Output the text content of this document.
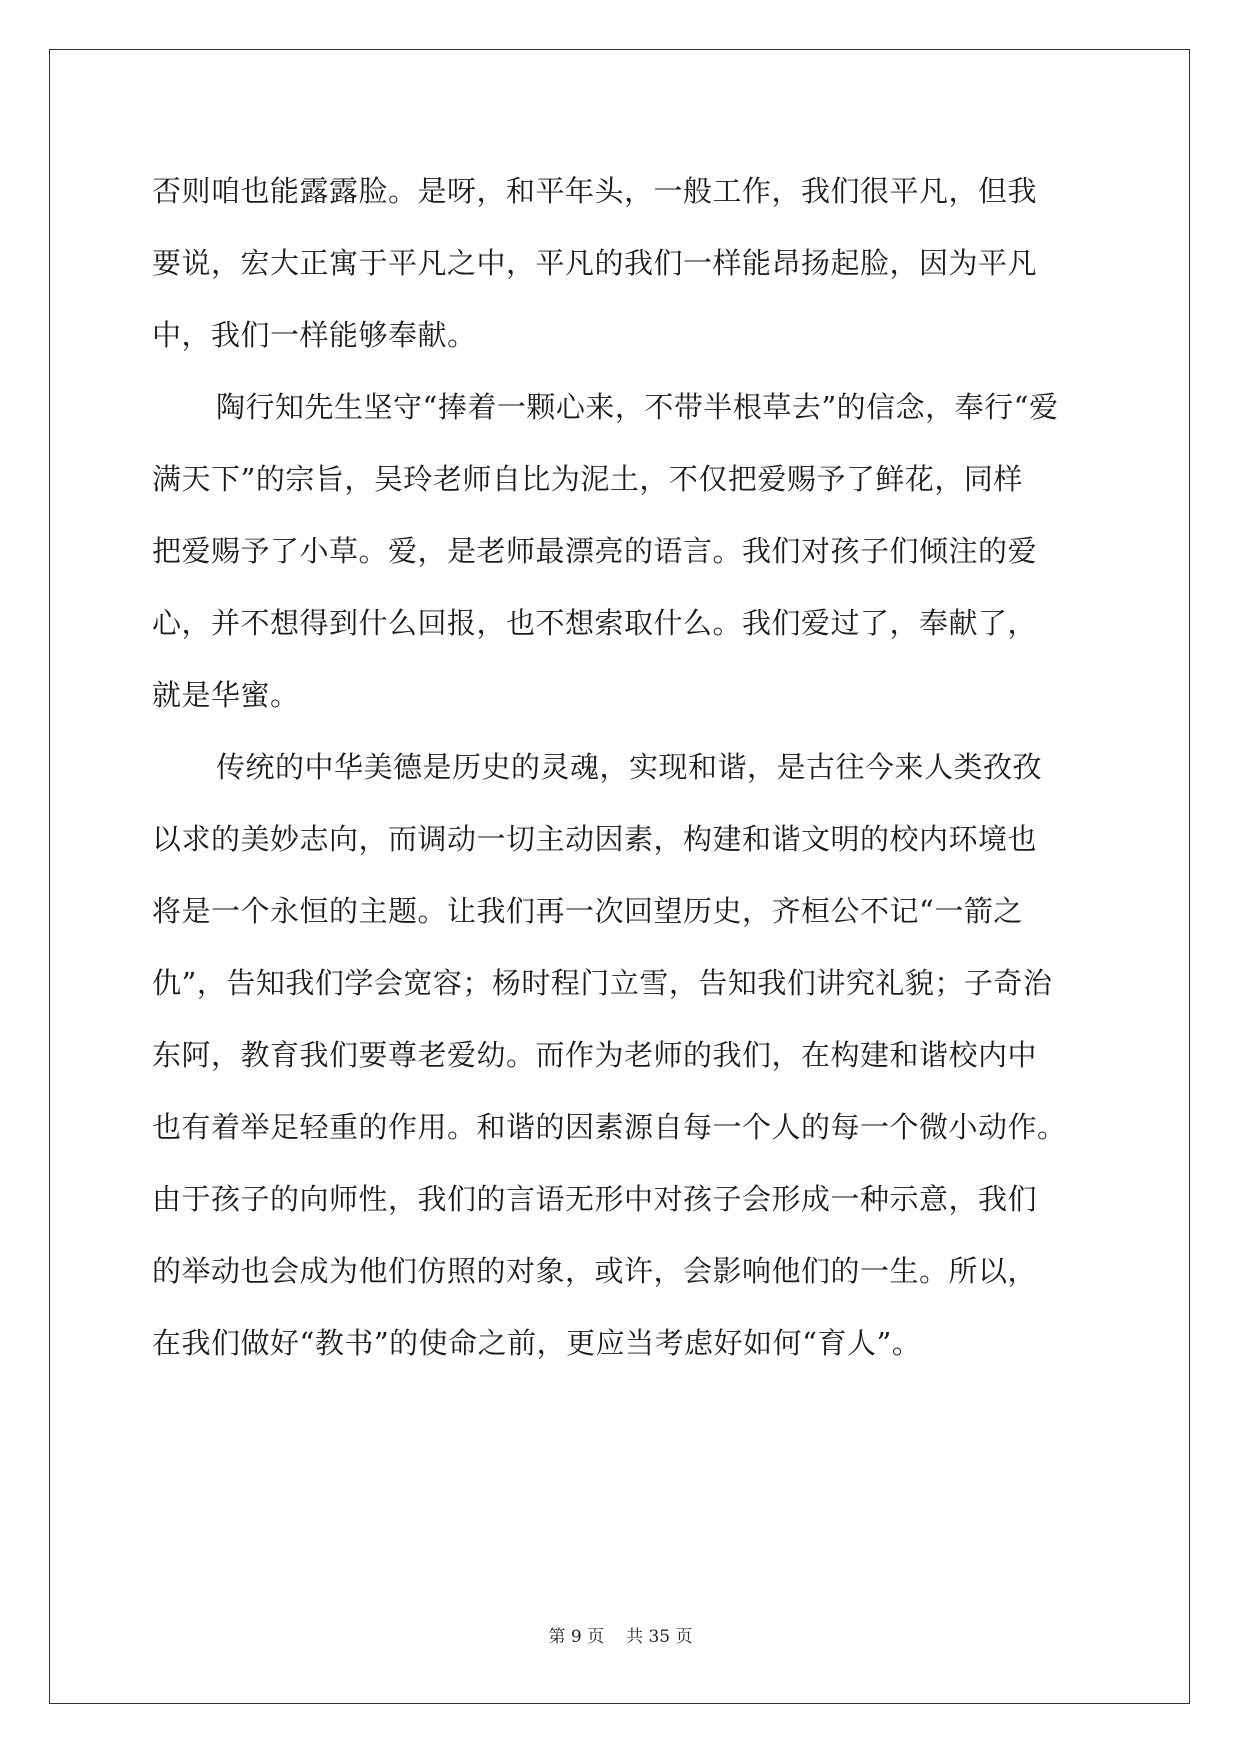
否则咱也能露露脸。是呀，和平年头，一般工作，我们很平凡，但我
要说，宏大正寓于平凡之中，平凡的我们一样能昂扬起脸，因为平凡
中，我们一样能够奉献。
陶行知先生坚守“捧着一颗心来，不带半根草去”的信念，奉行“爱
满天下”的宗旨，吴玲老师自比为泥土，不仅把爱赐予了鲜花，同样
把爱赐予了小草。爱，是老师最漂亮的语言。我们对孩子们倾注的爱
心，并不想得到什么回报，也不想索取什么。我们爱过了，奉献了，
就是华蜜。
传统的中华美德是历史的灵魂，实现和谐，是古往今来人类孜孜
以求的美妙志向，而调动一切主动因素，构建和谐文明的校内环境也
将是一个永恒的主题。让我们再一次回望历史，齐桓公不记“一箭之
仇”，告知我们学会宽容；杨时程门立雪，告知我们讲究礼貌；子奇治
东阿，教育我们要尊老爱幼。而作为老师的我们，在构建和谐校内中
也有着举足轻重的作用。和谐的因素源自每一个人的每一个微小动作。
由于孩子的向师性，我们的言语无形中对孩子会形成一种示意，我们
的举动也会成为他们仿照的对象，或许，会影响他们的一生。所以，
在我们做好“教书”的使命之前，更应当考虑好如何“育人”。
第 9 页 共 35 页
